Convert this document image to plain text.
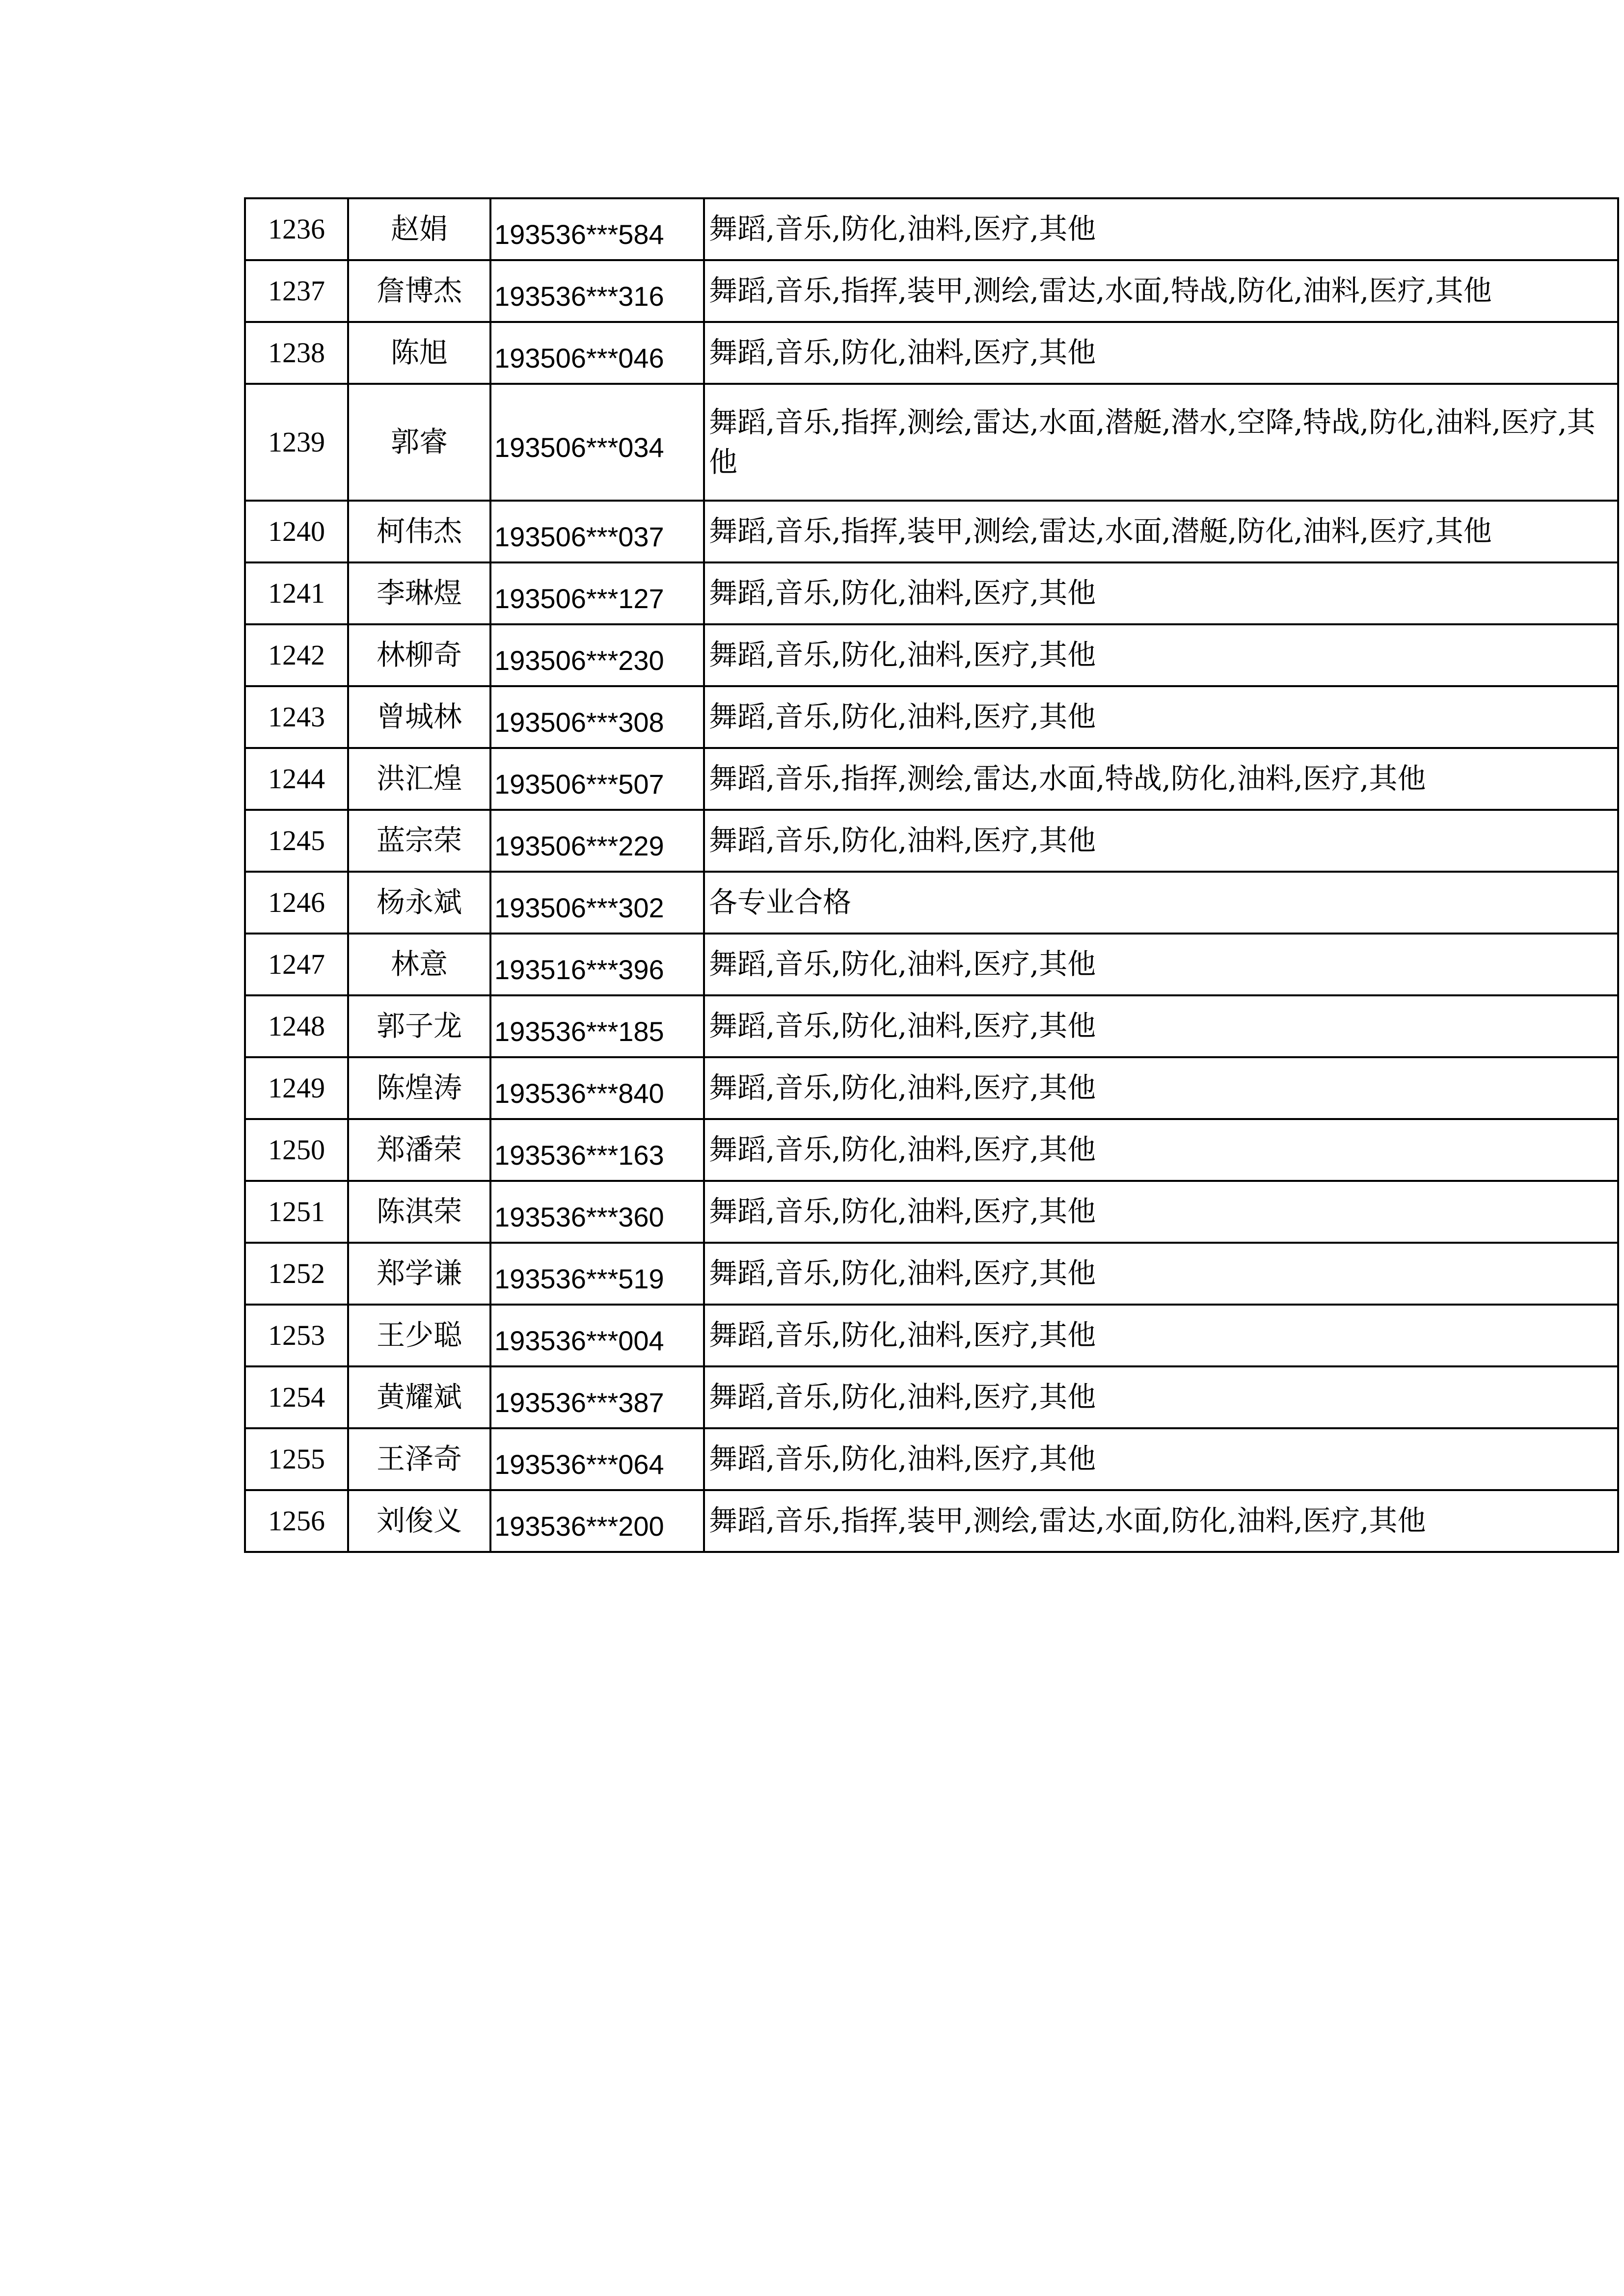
1236	赵娟	193536***584	舞蹈,音乐,防化,油料,医疗,其他
1237	詹博杰	193536***316	舞蹈,音乐,指挥,装甲,测绘,雷达,水面,特战,防化,油料,医疗,其他
1238	陈旭	193506***046	舞蹈,音乐,防化,油料,医疗,其他
1239	郭睿	193506***034	舞蹈,音乐,指挥,测绘,雷达,水面,潜艇,潜水,空降,特战,防化,油料,医疗,其他
1240	柯伟杰	193506***037	舞蹈,音乐,指挥,装甲,测绘,雷达,水面,潜艇,防化,油料,医疗,其他
1241	李琳煜	193506***127	舞蹈,音乐,防化,油料,医疗,其他
1242	林柳奇	193506***230	舞蹈,音乐,防化,油料,医疗,其他
1243	曾城林	193506***308	舞蹈,音乐,防化,油料,医疗,其他
1244	洪汇煌	193506***507	舞蹈,音乐,指挥,测绘,雷达,水面,特战,防化,油料,医疗,其他
1245	蓝宗荣	193506***229	舞蹈,音乐,防化,油料,医疗,其他
1246	杨永斌	193506***302	各专业合格
1247	林意	193516***396	舞蹈,音乐,防化,油料,医疗,其他
1248	郭子龙	193536***185	舞蹈,音乐,防化,油料,医疗,其他
1249	陈煌涛	193536***840	舞蹈,音乐,防化,油料,医疗,其他
1250	郑潘荣	193536***163	舞蹈,音乐,防化,油料,医疗,其他
1251	陈淇荣	193536***360	舞蹈,音乐,防化,油料,医疗,其他
1252	郑学谦	193536***519	舞蹈,音乐,防化,油料,医疗,其他
1253	王少聪	193536***004	舞蹈,音乐,防化,油料,医疗,其他
1254	黄耀斌	193536***387	舞蹈,音乐,防化,油料,医疗,其他
1255	王泽奇	193536***064	舞蹈,音乐,防化,油料,医疗,其他
1256	刘俊义	193536***200	舞蹈,音乐,指挥,装甲,测绘,雷达,水面,防化,油料,医疗,其他
